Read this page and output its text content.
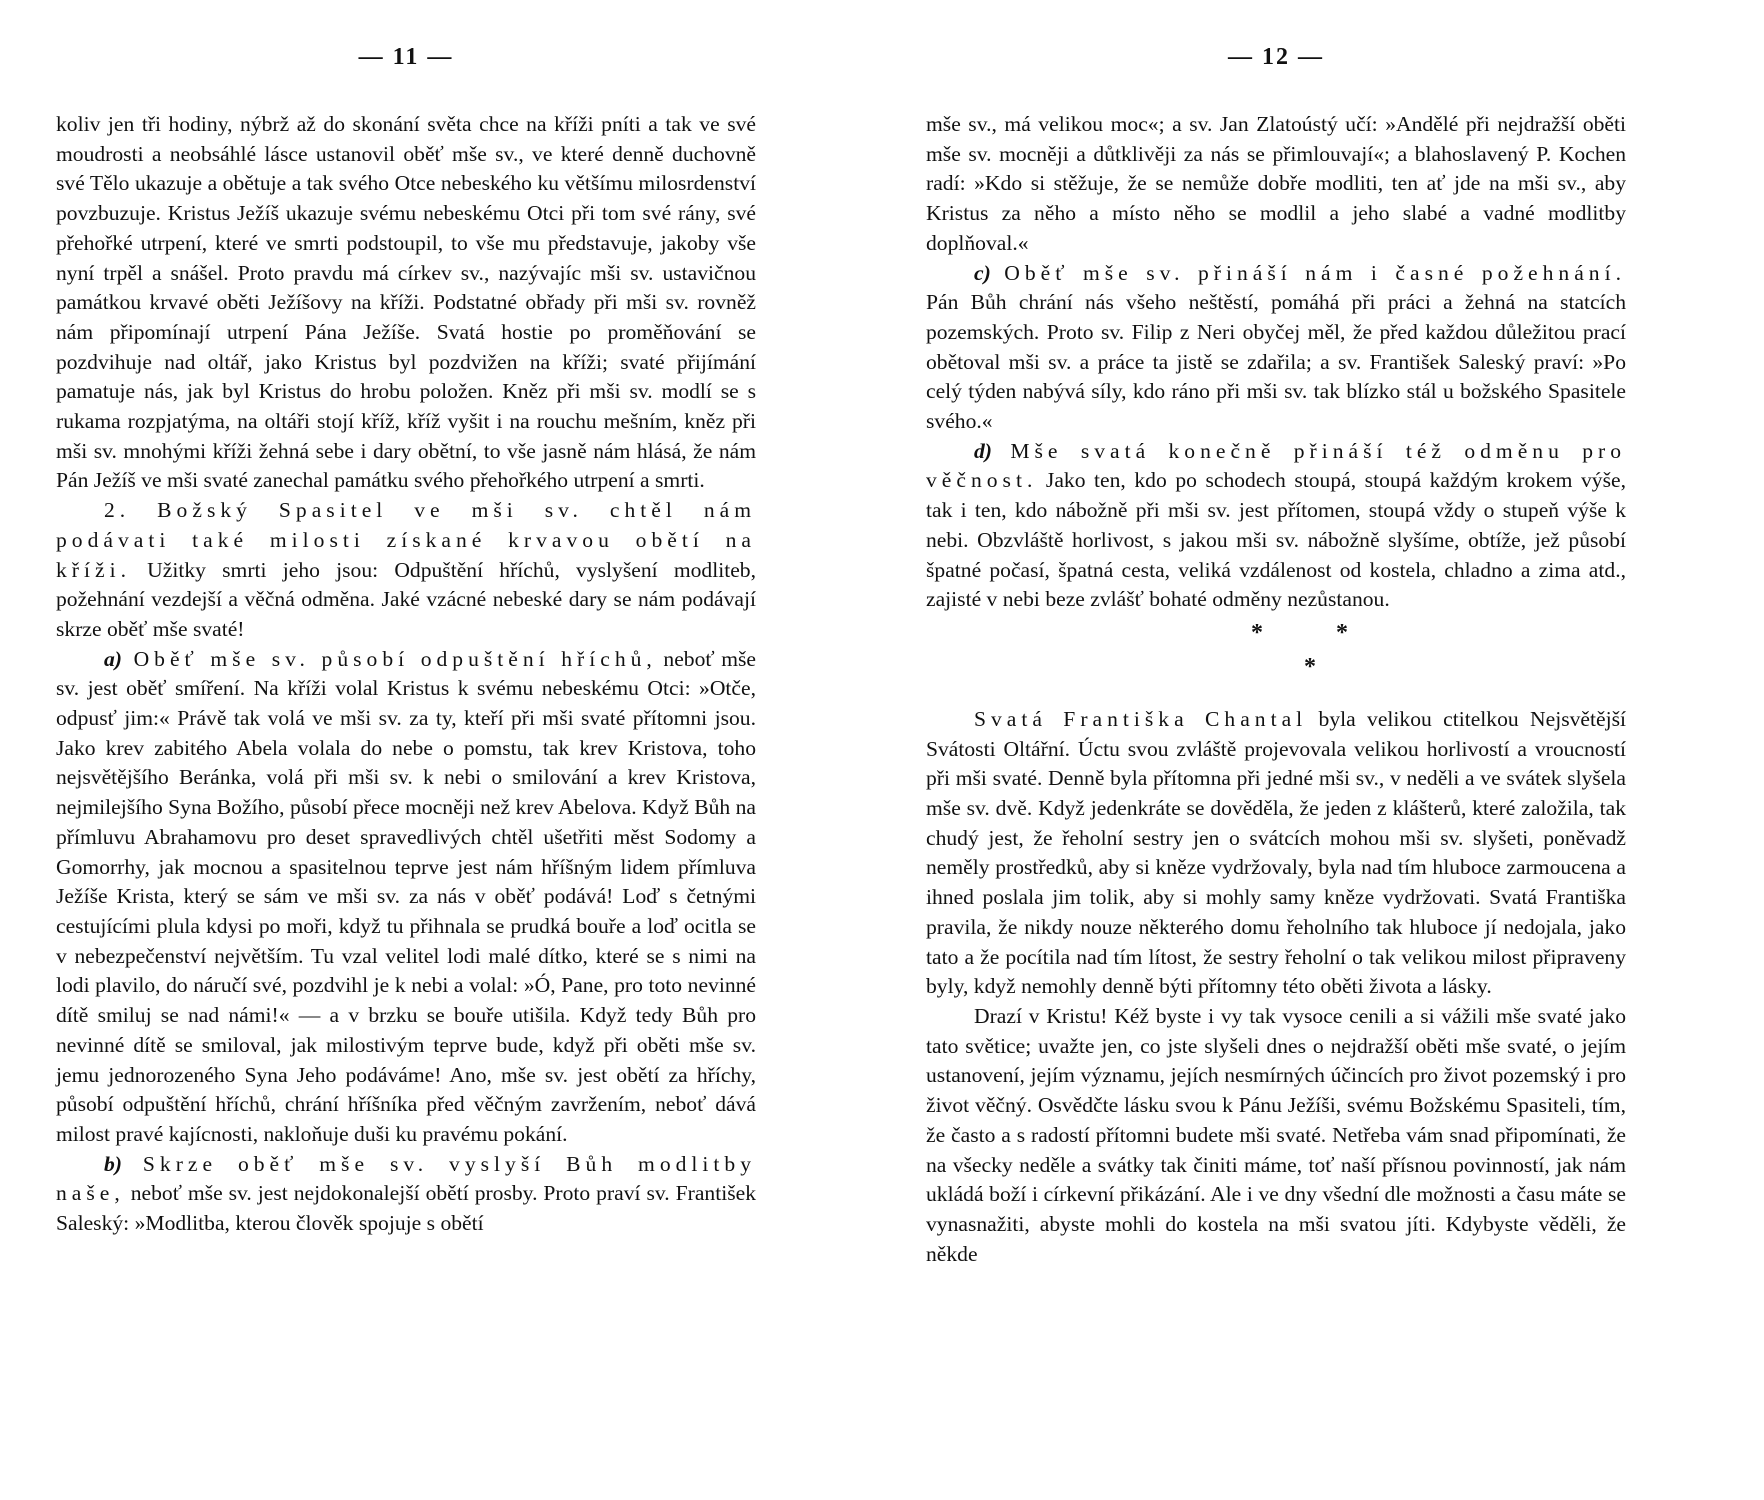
— 11 —

koliv jen tři hodiny, nýbrž až do skonání světa chce na kříži pníti a tak ve své moudrosti a neobsáhlé lásce ustanovil oběť mše sv., ve které denně duchovně své Tělo ukazuje a obětuje a tak svého Otce nebeského ku většímu milosrdenství povzbuzuje. Kristus Ježíš ukazuje svému nebeskému Otci při tom své rány, své přehořké utrpení, které ve smrti podstoupil, to vše mu představuje, jakoby vše nyní trpěl a snášel. Proto pravdu má církev sv., nazývajíc mši sv. ustavičnou památkou krvavé oběti Ježíšovy na kříži. Podstatné obřady při mši sv. rovněž nám připomínají utrpení Pána Ježíše. Svatá hostie po proměňování se pozdvihuje nad oltář, jako Kristus byl pozdvižen na kříži; svaté přijímání pamatuje nás, jak byl Kristus do hrobu položen. Kněz při mši sv. modlí se s rukama rozpjatýma, na oltáři stojí kříž, kříž vyšit i na rouchu mešním, kněz při mši sv. mnohými kříži žehná sebe i dary obětní, to vše jasně nám hlásá, že nám Pán Ježíš ve mši svaté zanechal památku svého přehořkého utrpení a smrti.

2. Božský Spasitel ve mši sv. chtěl nám podávati také milosti získané krvavou obětí na kříži. Užitky smrti jeho jsou: Odpuštění hříchů, vyslyšení modliteb, požehnání vezdejší a věčná odměna. Jaké vzácné nebeské dary se nám podávají skrze oběť mše svaté!

a) Oběť mše sv. působí odpuštění hříchů, neboť mše sv. jest oběť smíření. Na kříži volal Kristus k svému nebeskému Otci: »Otče, odpusť jim:« Právě tak volá ve mši sv. za ty, kteří při mši svaté přítomni jsou. Jako krev zabitého Abela volala do nebe o pomstu, tak krev Kristova, toho nejsvětějšího Beránka, volá při mši sv. k nebi o smilování a krev Kristova, nejmilejšího Syna Božího, působí přece mocněji než krev Abelova. Když Bůh na přímluvu Abrahamovu pro deset spravedlivých chtěl ušetřiti měst Sodomy a Gomorrhy, jak mocnou a spasitelnou teprve jest nám hříšným lidem přímluva Ježíše Krista, který se sám ve mši sv. za nás v oběť podává! Loď s četnými cestujícími plula kdysi po moři, když tu přihnala se prudká bouře a loď ocitla se v nebezpečenství největším. Tu vzal velitel lodi malé dítko, které se s nimi na lodi plavilo, do náručí své, pozdvihl je k nebi a volal: »Ó, Pane, pro toto nevinné dítě smiluj se nad námi!« — a v brzku se bouře utišila. Když tedy Bůh pro nevinné dítě se smiloval, jak milostivým teprve bude, když při oběti mše sv. jemu jednorozeného Syna Jeho podáváme! Ano, mše sv. jest obětí za hříchy, působí odpuštění hříchů, chrání hříšníka před věčným zavržením, neboť dává milost pravé kajícnosti, nakloňuje duši ku pravému pokání.

b) Skrze oběť mše sv. vyslyší Bůh modlitby naše, neboť mše sv. jest nejdokonalejší obětí prosby. Proto praví sv. František Saleský: »Modlitba, kterou člověk spojuje s obětí

— 12 —

mše sv., má velikou moc«; a sv. Jan Zlatoústý učí: »Andělé při nejdražší oběti mše sv. mocněji a důtklivěji za nás se přimlouvají«; a blahoslavený P. Kochen radí: »Kdo si stěžuje, že se nemůže dobře modliti, ten ať jde na mši sv., aby Kristus za něho a místo něho se modlil a jeho slabé a vadné modlitby doplňoval.«

c) Oběť mše sv. přináší nám i časné požehnání. Pán Bůh chrání nás všeho neštěstí, pomáhá při práci a žehná na statcích pozemských. Proto sv. Filip z Neri obyčej měl, že před každou důležitou prací obětoval mši sv. a práce ta jistě se zdařila; a sv. František Saleský praví: »Po celý týden nabývá síly, kdo ráno při mši sv. tak blízko stál u božského Spasitele svého.«

d) Mše svatá konečně přináší též odměnu pro věčnost. Jako ten, kdo po schodech stoupá, stoupá každým krokem výše, tak i ten, kdo nábožně při mši sv. jest přítomen, stoupá vždy o stupeň výše k nebi. Obzvláště horlivost, s jakou mši sv. nábožně slyšíme, obtíže, jež působí špatné počasí, špatná cesta, veliká vzdálenost od kostela, chladno a zima atd., zajisté v nebi beze zvlášť bohaté odměny nezůstanou.

*	*
*

Svatá Františka Chantal byla velikou ctitelkou Nejsvětější Svátosti Oltářní. Úctu svou zvláště projevovala velikou horlivostí a vroucností při mši svaté. Denně byla přítomna při jedné mši sv., v neděli a ve svátek slyšela mše sv. dvě. Když jedenkráte se dověděla, že jeden z klášterů, které založila, tak chudý jest, že řeholní sestry jen o svátcích mohou mši sv. slyšeti, poněvadž neměly prostředků, aby si kněze vydržovaly, byla nad tím hluboce zarmoucena a ihned poslala jim tolik, aby si mohly samy kněze vydržovati. Svatá Františka pravila, že nikdy nouze některého domu řeholního tak hluboce jí nedojala, jako tato a že pocítila nad tím lítost, že sestry řeholní o tak velikou milost připraveny byly, když nemohly denně býti přítomny této oběti života a lásky.

Drazí v Kristu! Kéž byste i vy tak vysoce cenili a si vážili mše svaté jako tato světice; uvažte jen, co jste slyšeli dnes o nejdražší oběti mše svaté, o jejím ustanovení, jejím významu, jejích nesmírných účincích pro život pozemský i pro život věčný. Osvědčte lásku svou k Pánu Ježíši, svému Božskému Spasiteli, tím, že často a s radostí přítomni budete mši svaté. Netřeba vám snad připomínati, že na všecky neděle a svátky tak činiti máme, toť naší přísnou povinností, jak nám ukládá boží i církevní přikázání. Ale i ve dny všední dle možnosti a času máte se vynasnažiti, abyste mohli do kostela na mši svatou jíti. Kdybyste věděli, že někde
